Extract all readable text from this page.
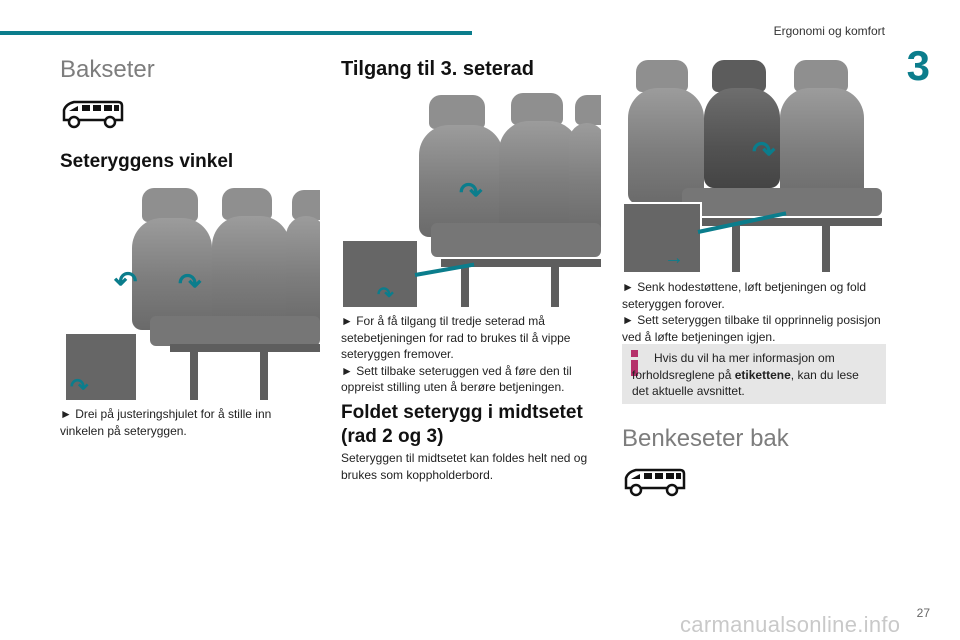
Ergonomi og komfort
3
27
carmanualsonline.info
Bakseter
Seteryggens vinkel
↶ ↷
↷

► Drei på justeringshjulet for å stille inn vinkelen på seteryggen.

Tilgang til 3. seterad
↷
↷

► For å få tilgang til tredje seterad må setebetjeningen for rad to brukes til å vippe seteryggen fremover.

► Sett tilbake seteruggen ved å føre den til oppreist stilling uten å berøre betjeningen.

Foldet seterygg i midtsetet (rad 2 og 3)

Seteryggen til midtsetet kan foldes helt ned og brukes som koppholderbord.

↷
→

► Senk hodestøttene, løft betjeningen og fold seteryggen forover.

► Sett seteryggen tilbake til opprinnelig posisjon ved å løfte betjeningen igjen.

Hvis du vil ha mer informasjon om forholdsreglene på etikettene, kan du lese det aktuelle avsnittet.

Benkeseter bak
